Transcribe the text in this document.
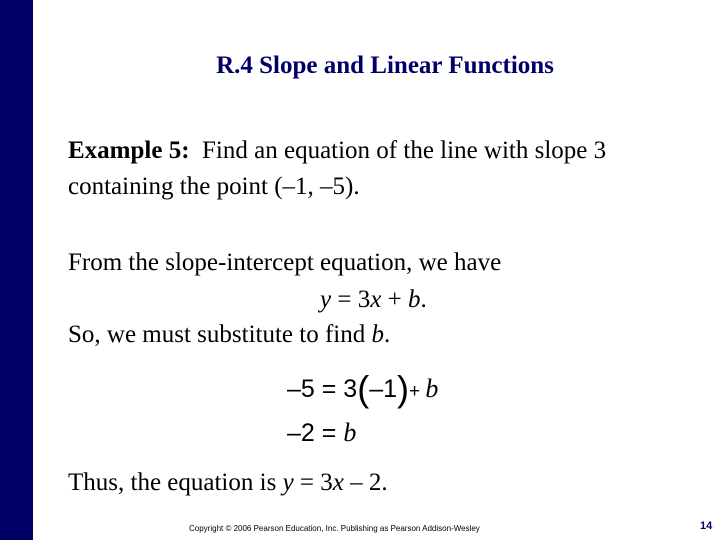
R.4 Slope and Linear Functions
Example 5:  Find an equation of the line with slope 3
containing the point (–1, –5).
From the slope-intercept equation, we have
y = 3x + b.
So, we must substitute to find b.
–5 = 3(–1)+ b
–2 = b
Thus, the equation is y = 3x – 2.
Copyright © 2006 Pearson Education, Inc. Publishing as Pearson Addison-Wesley	14
